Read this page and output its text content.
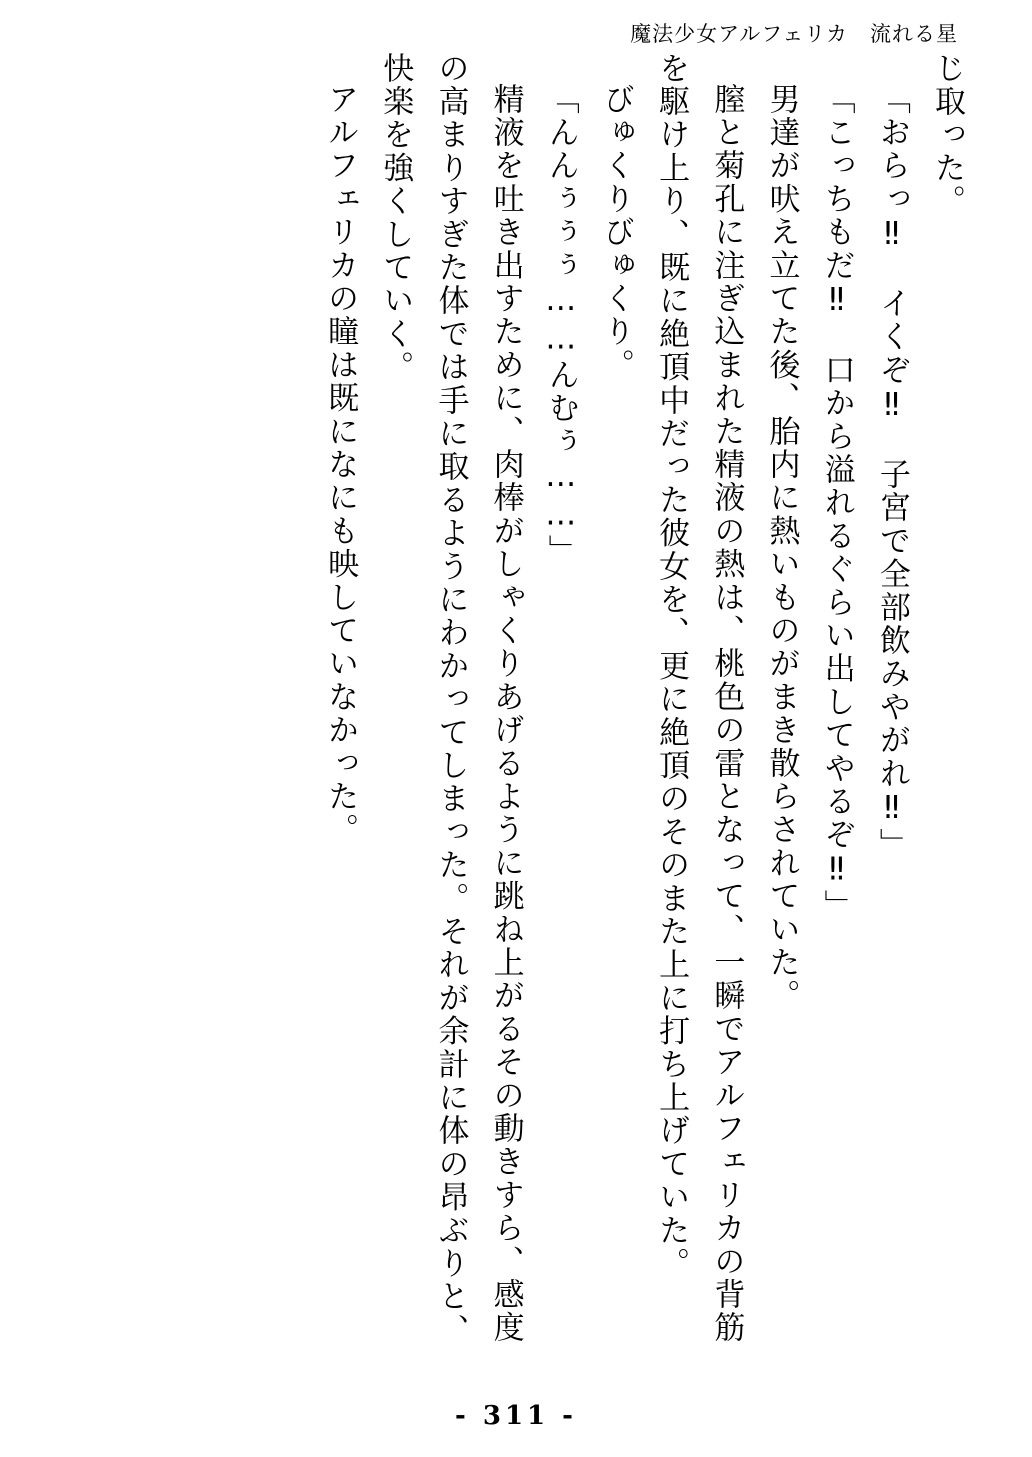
魔法少女アルフェリカ　流れる星

じ取った。

「おらっ‼　イくぞ‼　子宮で全部飲みやがれ‼」

「こっちもだ‼　口から溢れるぐらい出してやるぞ‼」

男達が吠え立てた後、胎内に熱いものがまき散らされていた。

膣と菊孔に注ぎ込まれた精液の熱は、桃色の雷となって、一瞬でアルフェリカの背筋を駆け上り、既に絶頂中だった彼女を、更に絶頂のそのまた上に打ち上げていた。

びゅくりびゅくり。

「んんぅぅぅ……んむぅ……」

精液を吐き出すために、肉棒がしゃくりあげるように跳ね上がるその動きすら、感度の高まりすぎた体では手に取るようにわかってしまった。それが余計に体の昂ぶりと、快楽を強くしていく。

アルフェリカの瞳は既になにも映していなかった。

- 311 -
